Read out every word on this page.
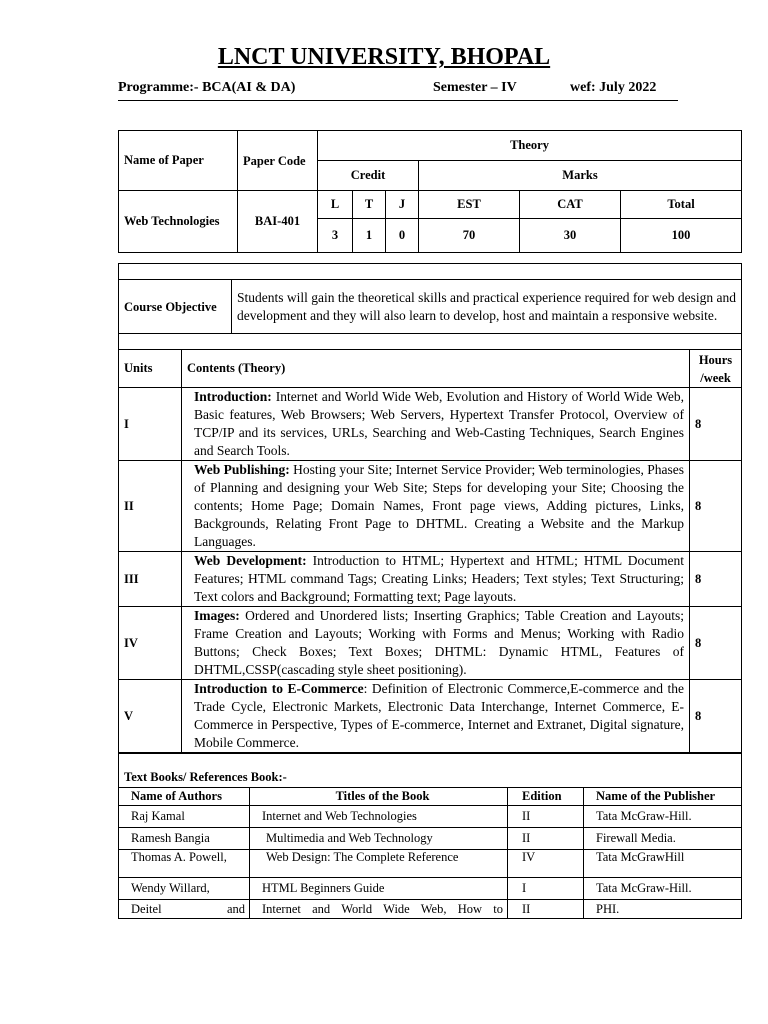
LNCT UNIVERSITY, BHOPAL
Programme:- BCA(AI & DA)	Semester – IV	wef: July 2022
Name of Paper	Paper Code	Theory					
		Credit			Marks		
Web Technologies	BAI-401	L	T	J	EST	CAT	Total
		3	1	0	70	30	100

Course Objective	Students will gain the theoretical skills and practical experience required for web design and development and they will also learn to develop, host and maintain a responsive website.

Units	Contents (Theory)	Hours /week
I	Introduction: Internet and World Wide Web, Evolution and History of World Wide Web, Basic features, Web Browsers; Web Servers, Hypertext Transfer Protocol, Overview of TCP/IP and its services, URLs, Searching and Web-Casting Techniques, Search Engines and Search Tools.	8
II	Web Publishing: Hosting your Site; Internet Service Provider; Web terminologies, Phases of Planning and designing your Web Site; Steps for developing your Site; Choosing the contents; Home Page; Domain Names, Front page views, Adding pictures, Links, Backgrounds, Relating Front Page to DHTML. Creating a Website and the Markup Languages.	8
III	Web Development: Introduction to HTML; Hypertext and HTML; HTML Document Features; HTML command Tags; Creating Links; Headers; Text styles; Text Structuring; Text colors and Background; Formatting text; Page layouts.	8
IV	Images: Ordered and Unordered lists; Inserting Graphics; Table Creation and Layouts; Frame Creation and Layouts; Working with Forms and Menus; Working with Radio Buttons; Check Boxes; Text Boxes; DHTML: Dynamic HTML, Features of DHTML,CSSP(cascading style sheet positioning).	8
V	Introduction to E-Commerce: Definition of Electronic Commerce,E-commerce and the Trade Cycle, Electronic Markets, Electronic Data Interchange, Internet Commerce, E-Commerce in Perspective, Types of E-commerce, Internet and Extranet, Digital signature, Mobile Commerce.	8
Text Books/ References Book:-			
Name of Authors	Titles of the Book	Edition	Name of the Publisher
Raj Kamal	Internet and Web Technologies	II	Tata McGraw-Hill.
Ramesh Bangia	Multimedia and Web Technology	II	Firewall Media.
Thomas A. Powell,	Web Design: The Complete Reference	IV	Tata McGrawHill
Wendy Willard,	HTML Beginners Guide	I	Tata McGraw-Hill.
Deitel and	Internet and World Wide Web, How to	II	PHI.
